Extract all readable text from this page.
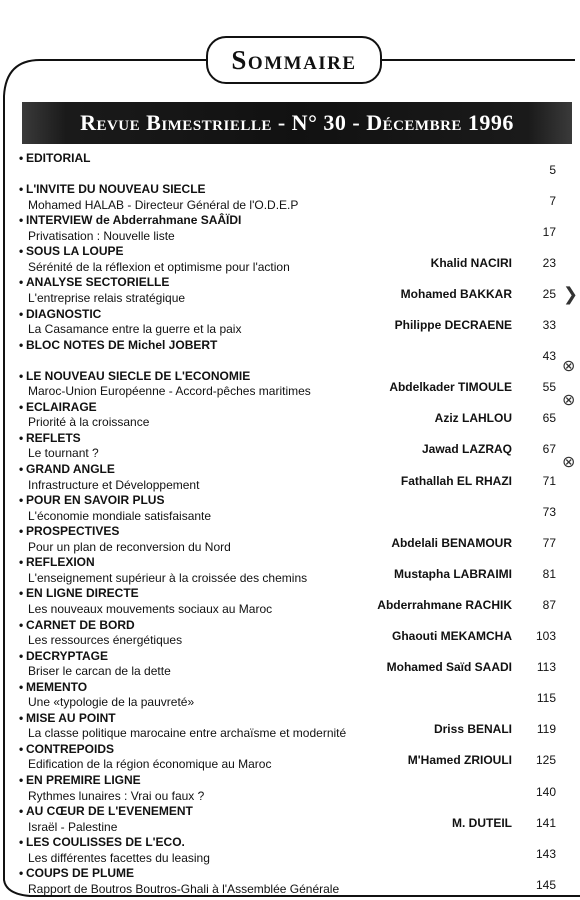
Sommaire
Revue Bimestrielle - N° 30 - Décembre 1996
❯
⊗
⊗
⊗
• EDITORIAL
5
• L'INVITE DU NOUVEAU SIECLE
Mohamed HALAB - Directeur Général de l'O.D.E.P	7
• INTERVIEW de Abderrahmane SAÂÏDI
Privatisation : Nouvelle liste	17
• SOUS LA LOUPE
Sérénité de la réflexion et optimisme pour l'action	Khalid NACIRI	23
• ANALYSE SECTORIELLE
L'entreprise relais stratégique	Mohamed BAKKAR	25
• DIAGNOSTIC
La Casamance entre la guerre et la paix	Philippe DECRAENE	33
• BLOC NOTES DE Michel JOBERT
43
• LE NOUVEAU SIECLE DE L'ECONOMIE
Maroc-Union Européenne - Accord-pêches maritimes	Abdelkader TIMOULE	55
• ECLAIRAGE
Priorité à la croissance	Aziz LAHLOU	65
• REFLETS
Le tournant ?	Jawad LAZRAQ	67
• GRAND ANGLE
Infrastructure et Développement	Fathallah EL RHAZI	71
• POUR EN SAVOIR PLUS
L'économie mondiale satisfaisante	73
• PROSPECTIVES
Pour un plan de reconversion du Nord	Abdelali BENAMOUR	77
• REFLEXION
L'enseignement supérieur à la croissée des chemins	Mustapha LABRAIMI	81
• EN LIGNE DIRECTE
Les nouveaux mouvements sociaux au Maroc	Abderrahmane RACHIK	87
• CARNET DE BORD
Les ressources énergétiques	Ghaouti MEKAMCHA	103
• DECRYPTAGE
Briser le carcan de la dette	Mohamed Saïd SAADI	113
• MEMENTO
Une «typologie de la pauvreté»	115
• MISE AU POINT
La classe politique marocaine entre archaïsme et modernité	Driss BENALI	119
• CONTREPOIDS
Edification de la région économique au Maroc	M'Hamed ZRIOULI	125
• EN PREMIRE LIGNE
Rythmes lunaires : Vrai ou faux ?	140
• AU CŒUR DE L'EVENEMENT
Israël - Palestine	M. DUTEIL	141
• LES COULISSES DE L'ECO.
Les différentes facettes du leasing	143
• COUPS DE PLUME
Rapport de Boutros Boutros-Ghali à l'Assemblée Générale	145
